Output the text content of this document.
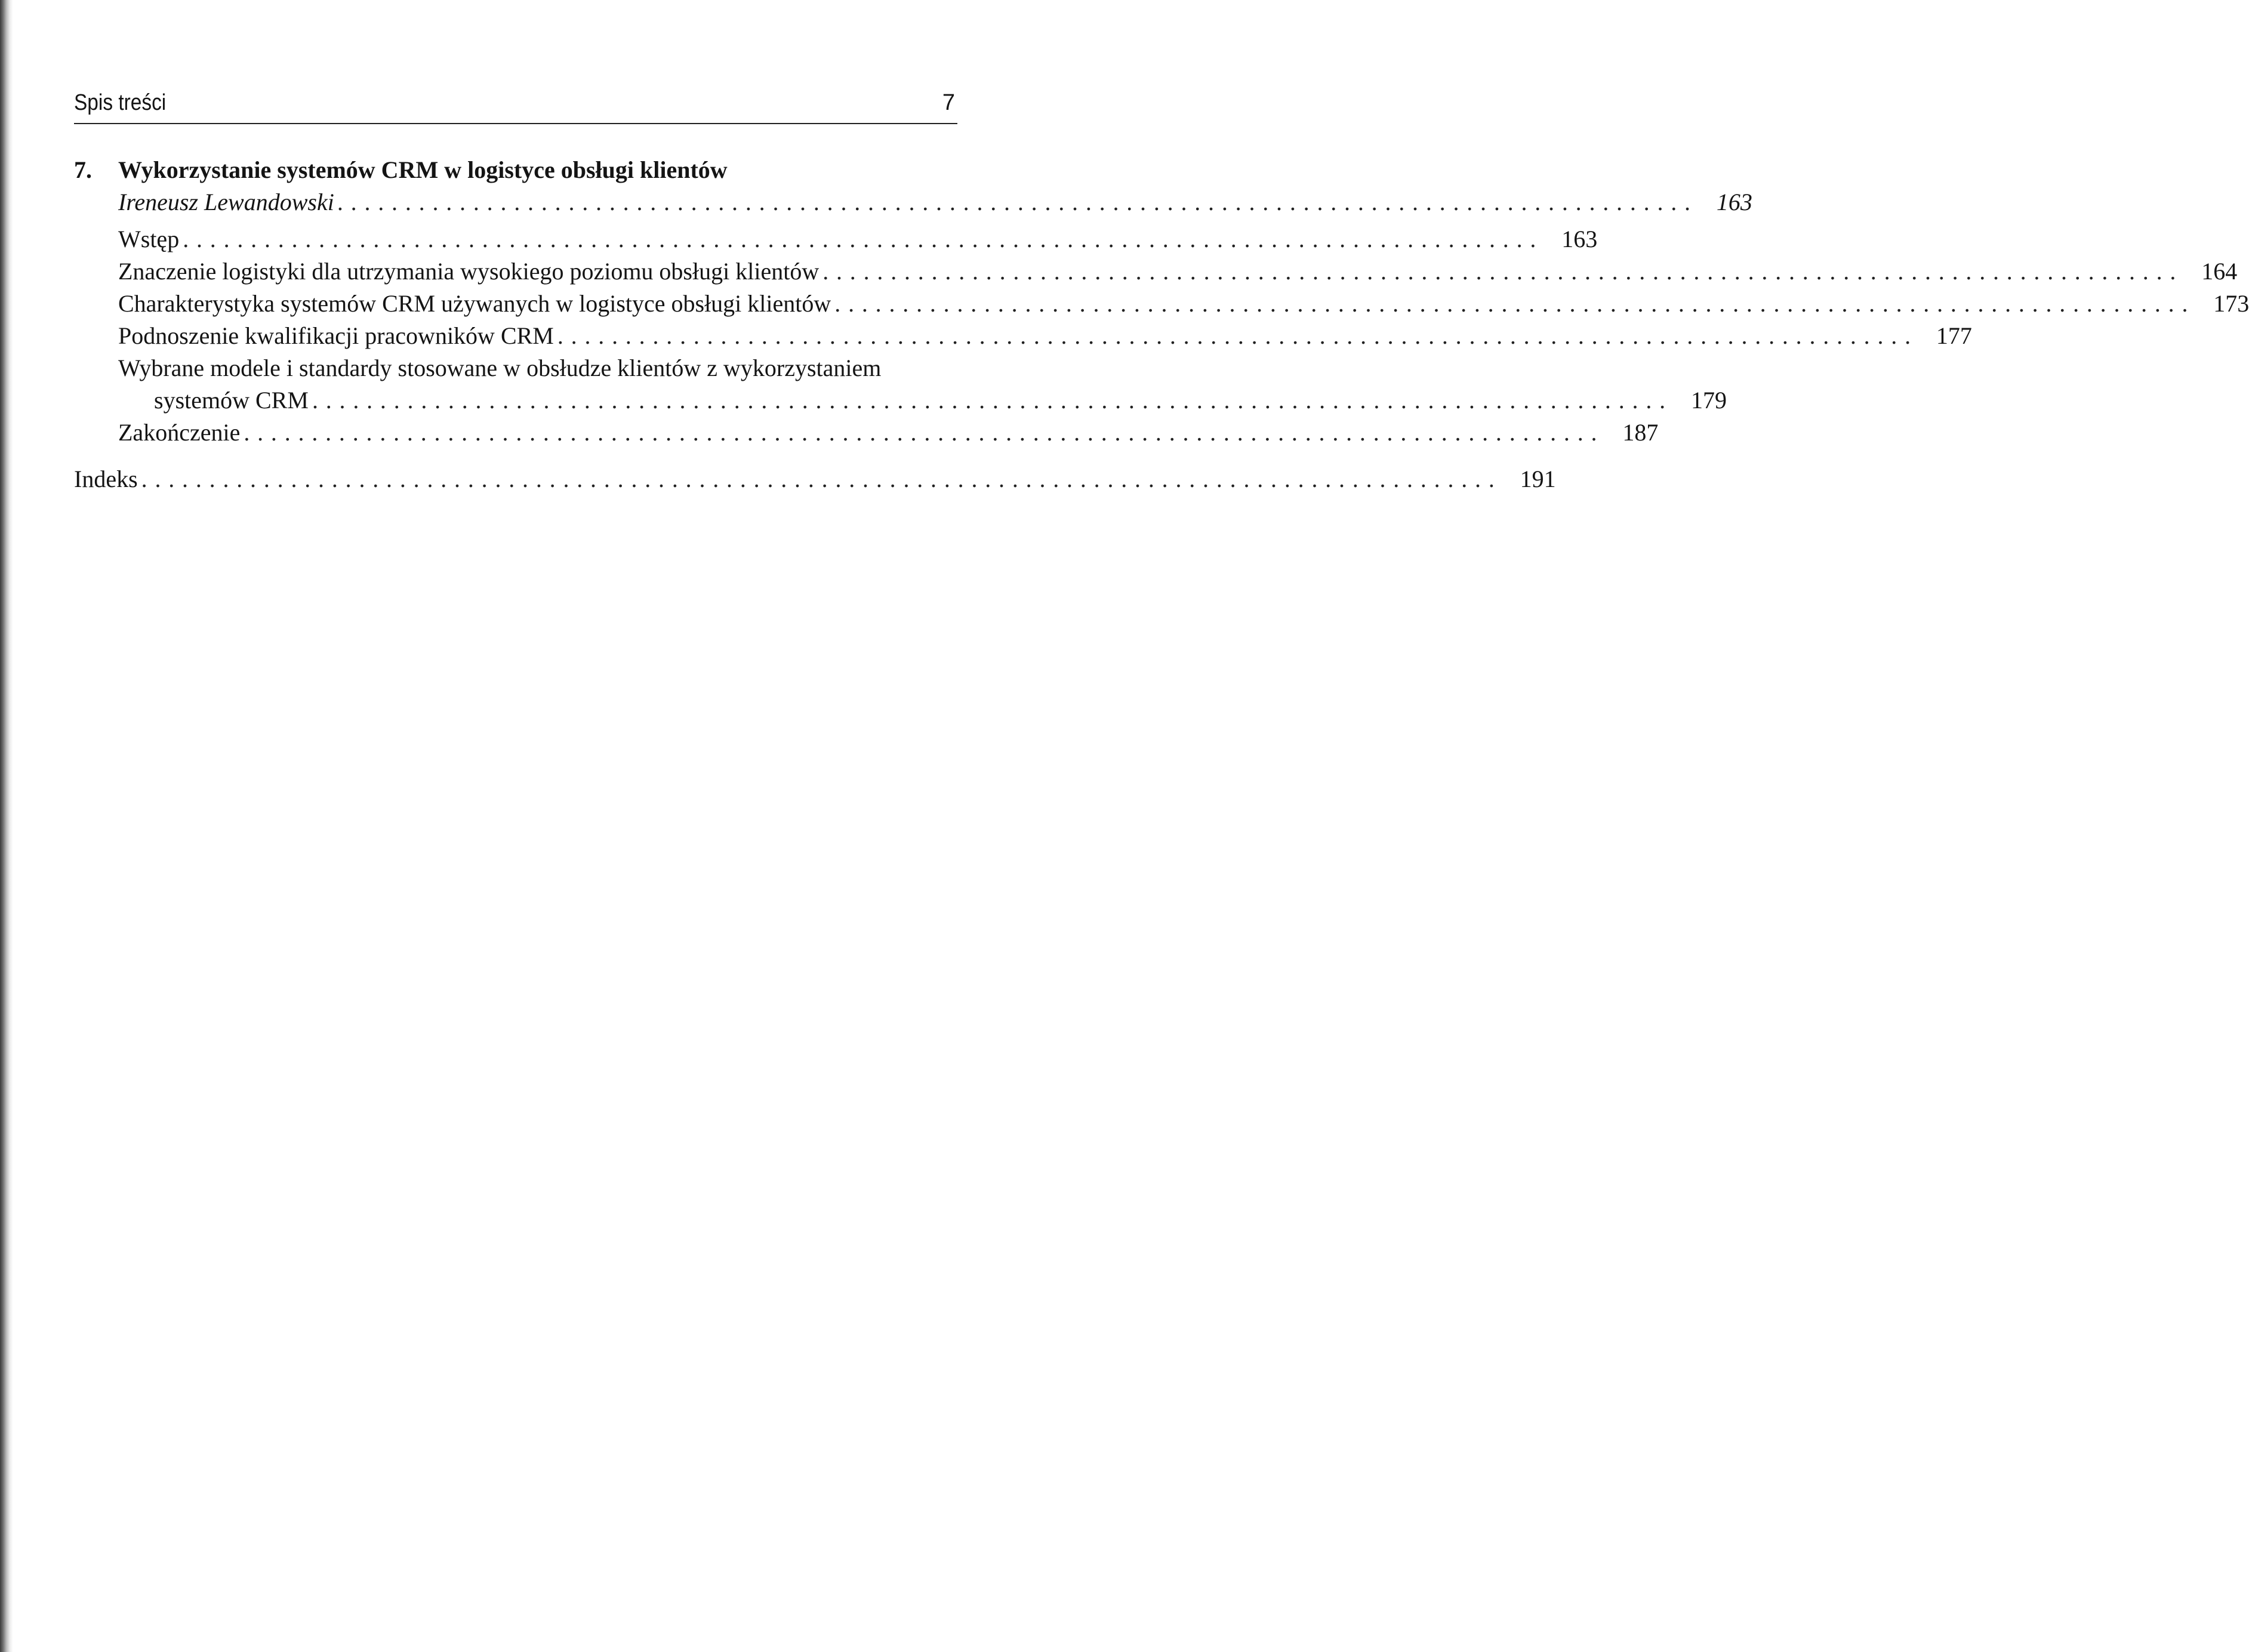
Spis treści	7
7.	Wykorzystanie systemów CRM w logistyce obsługi klientów
Ireneusz Lewandowski .................................................................................................... 163
Wstęp .................................................................................................... 163
Znaczenie logistyki dla utrzymania wysokiego poziomu obsługi klientów .................................................................................................... 164
Charakterystyka systemów CRM używanych w logistyce obsługi klientów .................................................................................................... 173
Podnoszenie kwalifikacji pracowników CRM .................................................................................................... 177
Wybrane modele i standardy stosowane w obsłudze klientów z wykorzystaniem
systemów CRM .................................................................................................... 179
Zakończenie .................................................................................................... 187
Indeks .................................................................................................... 191
